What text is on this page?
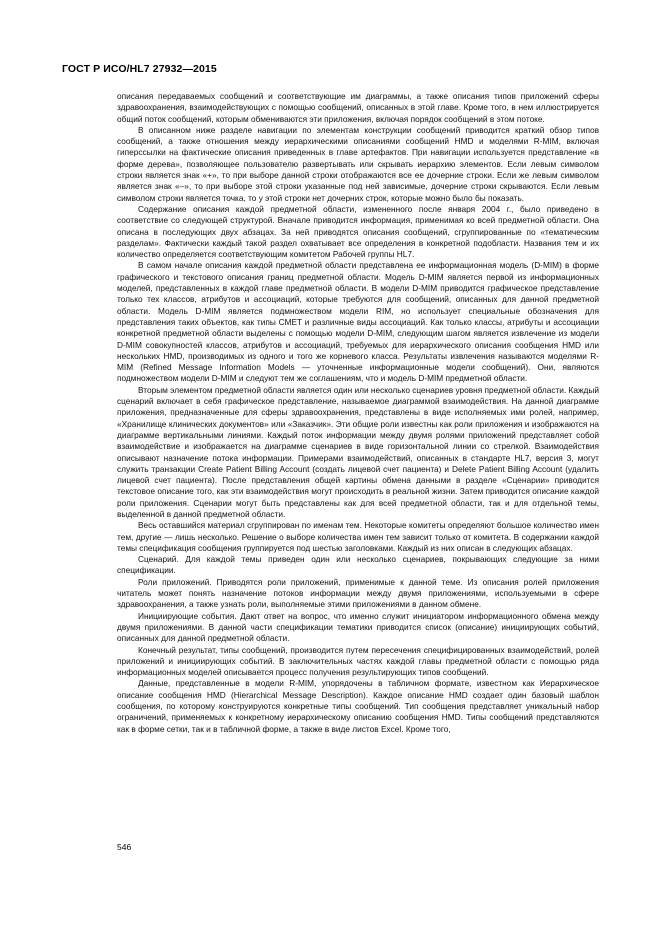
ГОСТ Р ИСО/HL7 27932—2015

описания передаваемых сообщений и соответствующие им диаграммы, а также описания типов приложений сферы здравоохранения, взаимодействующих с помощью сообщений, описанных в этой главе. Кроме того, в нем иллюстрируется общий поток сообщений, которым обмениваются эти приложения, включая порядок сообщений в этом потоке.

В описанном ниже разделе навигации по элементам конструкции сообщений приводится краткий обзор типов сообщений, а также отношения между иерархическими описаниями сообщений HMD и моделями R-MIM, включая гиперссылки на фактические описания приведенных в главе артефактов. При навигации используется представление «в форме дерева», позволяющее пользователю развертывать или скрывать иерархию элементов. Если левым символом строки является знак «+», то при выборе данной строки отображаются все ее дочерние строки. Если же левым символом является знак «–», то при выборе этой строки указанные под ней зависимые, дочерние строки скрываются. Если левым символом строки является точка, то у этой строки нет дочерних строк, которые можно было бы показать.

Содержание описания каждой предметной области, измененного после января 2004 г., было приведено в соответствие со следующей структурой. Вначале приводится информация, применимая ко всей предметной области. Она описана в последующих двух абзацах. За ней приводятся описания сообщений, сгруппированные по «тематическим разделам». Фактически каждый такой раздел охватывает все определения в конкретной подобласти. Названия тем и их количество определяется соответствующим комитетом Рабочей группы HL7.

В самом начале описания каждой предметной области представлена ее информационная модель (D-MIM) в форме графического и текстового описания границ предметной области. Модель D-MIM является первой из информационных моделей, представленных в каждой главе предметной области. В модели D-MIM приводится графическое представление только тех классов, атрибутов и ассоциаций, которые требуются для сообщений, описанных для данной предметной области. Модель D-MIM является подмножеством модели RIM, но использует специальные обозначения для представления таких объектов, как типы CMET и различные виды ассоциаций. Как только классы, атрибуты и ассоциации конкретной предметной области выделены с помощью модели D-MIM, следующим шагом является извлечение из модели D-MIM совокупностей классов, атрибутов и ассоциаций, требуемых для иерархического описания сообщения HMD или нескольких HMD, производимых из одного и того же корневого класса. Результаты извлечения называются моделями R-MIM (Refined Message Information Models — уточненные информационные модели сообщений). Они, являются подмножеством модели D-MIM и следуют тем же соглашениям, что и модель D-MIM предметной области.

Вторым элементом предметной области является один или несколько сценариев уровня предметной области. Каждый сценарий включает в себя графическое представление, называемое диаграммой взаимодействия. На данной диаграмме приложения, предназначенные для сферы здравоохранения, представлены в виде исполняемых ими ролей, например, «Хранилище клинических документов» или «Заказчик». Эти общие роли известны как роли приложения и изображаются на диаграмме вертикальными линиями. Каждый поток информации между двумя ролями приложений представляет собой взаимодействие и изображается на диаграмме сценариев в виде горизонтальной линии со стрелкой. Взаимодействия описывают назначение потока информации. Примерами взаимодействий, описанных в стандарте HL7, версия 3, могут служить транзакции Create Patient Billing Account (создать лицевой счет пациента) и Delete Patient Billing Account (удалить лицевой счет пациента). После представления общей картины обмена данными в разделе «Сценарии» приводится текстовое описание того, как эти взаимодействия могут происходить в реальной жизни. Затем приводится описание каждой роли приложения. Сценарии могут быть представлены как для всей предметной области, так и для отдельной темы, выделенной в данной предметной области.

Весь оставшийся материал сгруппирован по именам тем. Некоторые комитеты определяют большое количество имен тем, другие — лишь несколько. Решение о выборе количества имен тем зависит только от комитета. В содержании каждой темы спецификация сообщения группируется под шестью заголовками. Каждый из них описан в следующих абзацах.

Сценарий. Для каждой темы приведен один или несколько сценариев, покрывающих следующие за ними спецификации.

Роли приложений. Приводятся роли приложений, применимые к данной теме. Из описания ролей приложения читатель может понять назначение потоков информации между двумя приложениями, используемыми в сфере здравоохранения, а также узнать роли, выполняемые этими приложениями в данном обмене.

Инициирующие события. Дают ответ на вопрос, что именно служит инициатором информационного обмена между двумя приложениями. В данной части спецификации тематики приводится список (описание) инициирующих событий, описанных для данной предметной области.

Конечный результат, типы сообщений, производится путем пересечения специфицированных взаимодействий, ролей приложений и инициирующих событий. В заключительных частях каждой главы предметной области с помощью ряда информационных моделей описывается процесс получения результирующих типов сообщений.

Данные, представленные в модели R-MIM, упорядочены в табличном формате, известном как Иерархическое описание сообщения HMD (Hierarchical Message Description). Каждое описание HMD создает один базовый шаблон сообщения, по которому конструируются конкретные типы сообщений. Тип сообщения представляет уникальный набор ограничений, применяемых к конкретному иерархическому описанию сообщения HMD. Типы сообщений представляются как в форме сетки, так и в табличной форме, а также в виде листов Excel. Кроме того,

546
